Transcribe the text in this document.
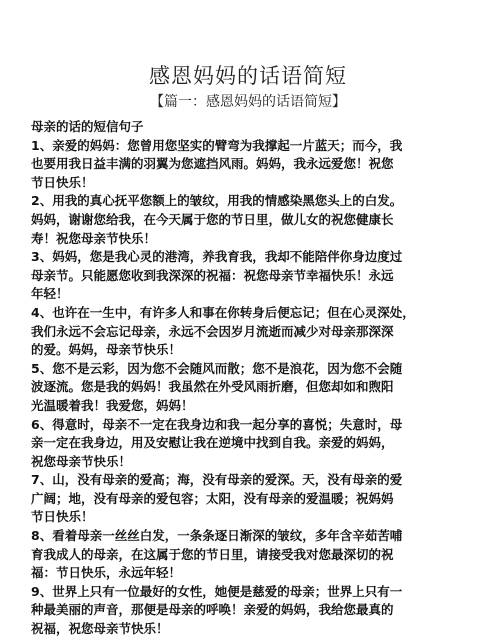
感恩妈妈的话语简短
【篇一：感恩妈妈的话语简短】

母亲的话的短信句子

1、亲爱的妈妈：您曾用您坚实的臂弯为我撑起一片蓝天；而今，我

也要用我日益丰满的羽翼为您遮挡风雨。妈妈，我永远爱您！祝您

节日快乐！

2、用我的真心抚平您额上的皱纹，用我的情感染黑您头上的白发。

妈妈，谢谢您给我，在今天属于您的节日里，做儿女的祝您健康长

寿！祝您母亲节快乐！

3、妈妈，您是我心灵的港湾，养我育我，我却不能陪伴你身边度过

母亲节。只能愿您收到我深深的祝福：祝您母亲节幸福快乐！永远

年轻！

4、也许在一生中，有许多人和事在你转身后便忘记；但在心灵深处，

我们永远不会忘记母亲，永远不会因岁月流逝而减少对母亲那深深

的爱。妈妈，母亲节快乐！

5、您不是云彩，因为您不会随风而散；您不是浪花，因为您不会随

波逐流。您是我的妈妈！我虽然在外受风雨折磨，但您却如和煦阳

光温暖着我！我爱您，妈妈！

6、得意时，母亲不一定在我身边和我一起分享的喜悦；失意时，母

亲一定在我身边，用及安慰让我在逆境中找到自我。亲爱的妈妈，

祝您母亲节快乐！

7、山，没有母亲的爱高；海，没有母亲的爱深。天，没有母亲的爱

广阔；地，没有母亲的爱包容；太阳，没有母亲的爱温暖；祝妈妈

节日快乐！

8、看着母亲一丝丝白发，一条条逐日渐深的皱纹，多年含辛茹苦哺

育我成人的母亲，在这属于您的节日里，请接受我对您最深切的祝

福：节日快乐，永远年轻！

9、世界上只有一位最好的女性，她便是慈爱的母亲；世界上只有一

种最美丽的声音，那便是母亲的呼唤！亲爱的妈妈，我给您最真的

祝福，祝您母亲节快乐！
